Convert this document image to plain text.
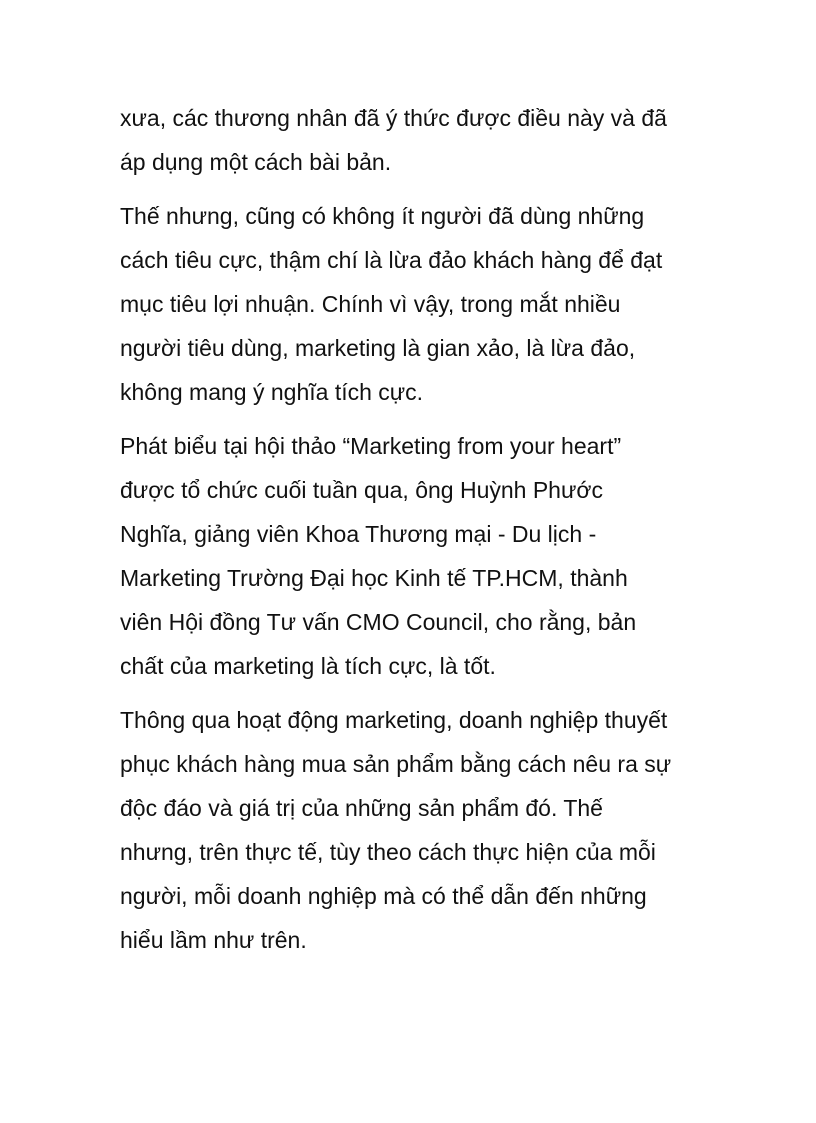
xưa, các thương nhân đã ý thức được điều này và đã
áp dụng một cách bài bản.

Thế nhưng, cũng có không ít người đã dùng những
cách tiêu cực, thậm chí là lừa đảo khách hàng để đạt
mục tiêu lợi nhuận. Chính vì vậy, trong mắt nhiều
người tiêu dùng, marketing là gian xảo, là lừa đảo,
không mang ý nghĩa tích cực.

Phát biểu tại hội thảo “Marketing from your heart”
được tổ chức cuối tuần qua, ông Huỳnh Phước
Nghĩa, giảng viên Khoa Thương mại - Du lịch -
Marketing Trường Đại học Kinh tế TP.HCM, thành
viên Hội đồng Tư vấn CMO Council, cho rằng, bản
chất của marketing là tích cực, là tốt.

Thông qua hoạt động marketing, doanh nghiệp thuyết
phục khách hàng mua sản phẩm bằng cách nêu ra sự
độc đáo và giá trị của những sản phẩm đó. Thế
nhưng, trên thực tế, tùy theo cách thực hiện của mỗi
người, mỗi doanh nghiệp mà có thể dẫn đến những
hiểu lầm như trên.
